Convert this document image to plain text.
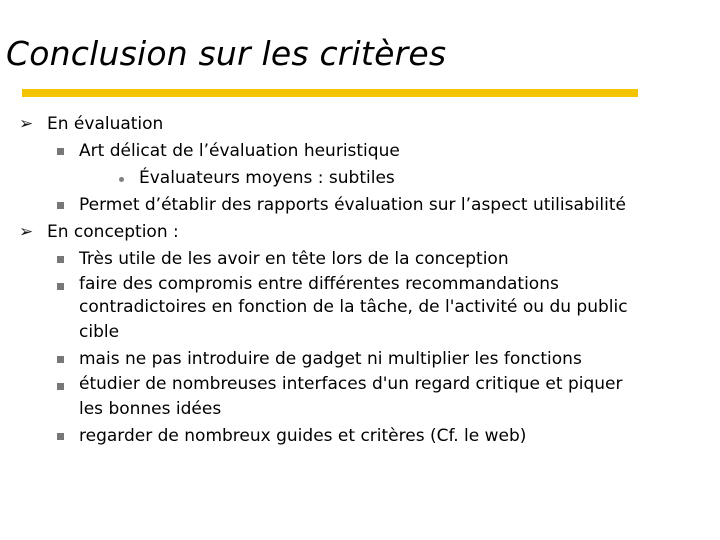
Conclusion sur les critères
➢ En évaluation
Art délicat de l’évaluation heuristique
Évaluateurs moyens : subtiles
Permet d’établir des rapports évaluation sur l’aspect utilisabilité
➢ En conception :
Très utile de les avoir en tête lors de la conception
faire des compromis entre différentes recommandations
contradictoires en fonction de la tâche, de l'activité ou du public
cible
mais ne pas introduire de gadget ni multiplier les fonctions
étudier de nombreuses interfaces d'un regard critique et piquer
les bonnes idées
regarder de nombreux guides et critères (Cf. le web)
